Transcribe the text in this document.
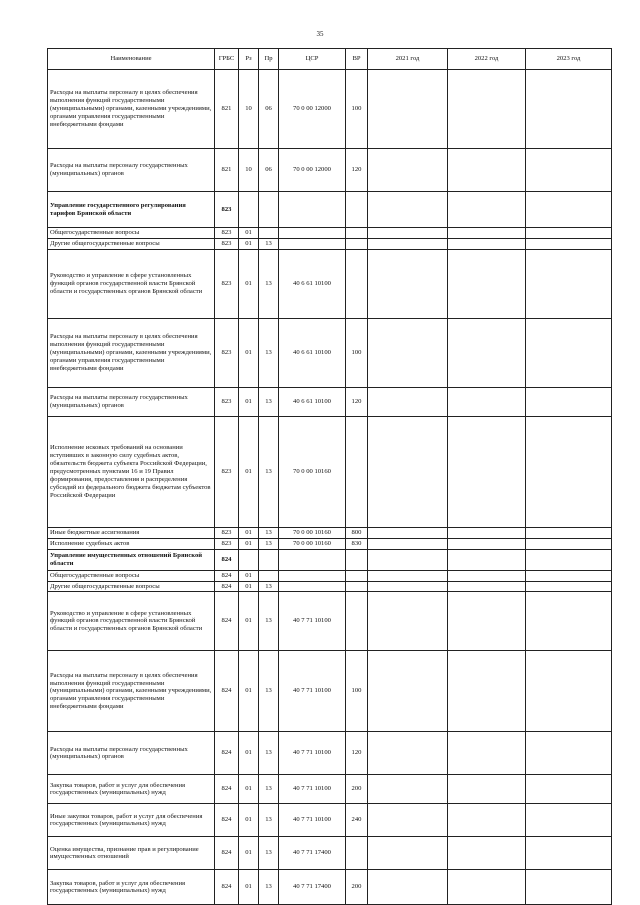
35
Наименование	ГРБС	Рз	Пр	ЦСР	ВР	2021 год	2022 год	2023 год
Расходы на выплаты персоналу в целях обеспечения выполнения функций государственными (муниципальными) органами, казенными учреждениями, органами управления государственными внебюджетными фондами	821	10	06	70 0 00 12000	100			
Расходы на выплаты персоналу государственных (муниципальных) органов	821	10	06	70 0 00 12000	120			
Управление государственного регулирования тарифов Брянской области	823							
Общегосударственные вопросы	823	01						
Другие общегосударственные вопросы	823	01	13					
Руководство и управление в сфере установленных функций органов государственной власти Брянской области и государственных органов Брянской области	823	01	13	40 6 61 10100				
Расходы на выплаты персоналу в целях обеспечения выполнения функций государственными (муниципальными) органами, казенными учреждениями, органами управления государственными внебюджетными фондами	823	01	13	40 6 61 10100	100			
Расходы на выплаты персоналу государственных (муниципальных) органов	823	01	13	40 6 61 10100	120			
Исполнение исковых требований на основании вступивших в законную силу судебных актов, обязательств бюджета субъекта Российской Федерации, предусмотренных пунктами 16 и 19 Правил формирования, предоставления и распределения субсидий из федерального бюджета бюджетам субъектов Российской Федерации	823	01	13	70 0 00 10160				
Иные бюджетные ассигнования	823	01	13	70 0 00 10160	800			
Исполнение судебных актов	823	01	13	70 0 00 10160	830			
Управление имущественных отношений Брянской области	824							
Общегосударственные вопросы	824	01						
Другие общегосударственные вопросы	824	01	13					
Руководство и управление в сфере установленных функций органов государственной власти Брянской области и государственных органов Брянской области	824	01	13	40 7 71 10100				
Расходы на выплаты персоналу в целях обеспечения выполнения функций государственными (муниципальными) органами, казенными учреждениями, органами управления государственными внебюджетными фондами	824	01	13	40 7 71 10100	100			
Расходы на выплаты персоналу государственных (муниципальных) органов	824	01	13	40 7 71 10100	120			
Закупка товаров, работ и услуг для обеспечения государственных (муниципальных) нужд	824	01	13	40 7 71 10100	200			
Иные закупки товаров, работ и услуг для обеспечения государственных (муниципальных) нужд	824	01	13	40 7 71 10100	240			
Оценка имущества, признание прав и регулирование имущественных отношений	824	01	13	40 7 71 17400				
Закупка товаров, работ и услуг для обеспечения государственных (муниципальных) нужд	824	01	13	40 7 71 17400	200			
